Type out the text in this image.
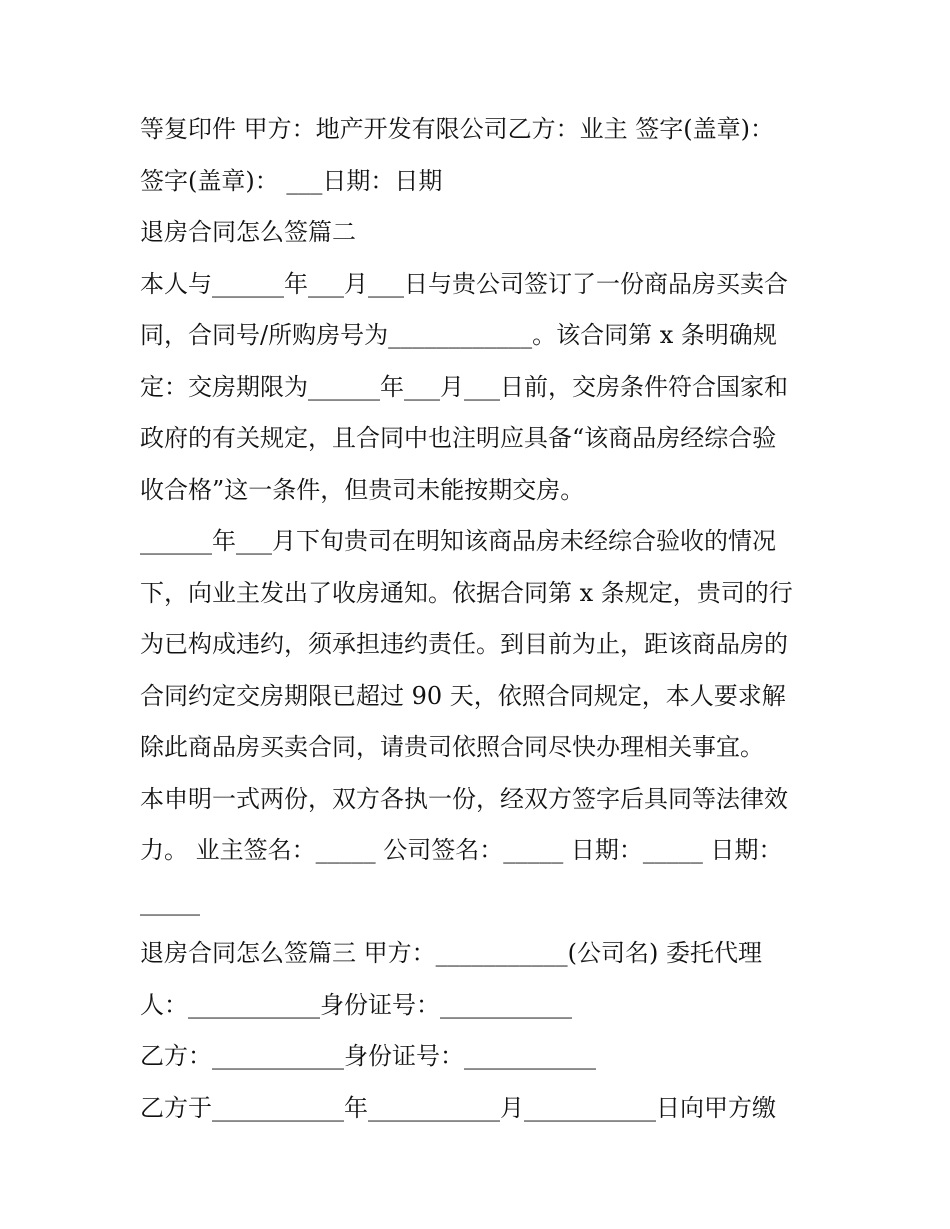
等复印件 甲方：地产开发有限公司乙方：业主 签字(盖章)：
签字(盖章)： ___日期：日期
退房合同怎么签篇二
本人与______年___月___日与贵公司签订了一份商品房买卖合
同，合同号/所购房号为____________。该合同第 x 条明确规
定：交房期限为______年___月___日前，交房条件符合国家和
政府的有关规定，且合同中也注明应具备“该商品房经综合验
收合格”这一条件，但贵司未能按期交房。
______年___月下旬贵司在明知该商品房未经综合验收的情况
下，向业主发出了收房通知。依据合同第 x 条规定，贵司的行
为已构成违约，须承担违约责任。到目前为止，距该商品房的
合同约定交房期限已超过 90 天，依照合同规定，本人要求解
除此商品房买卖合同，请贵司依照合同尽快办理相关事宜。
本申明一式两份，双方各执一份，经双方签字后具同等法律效
力。 业主签名：_____ 公司签名：_____ 日期：_____ 日期：
_____
退房合同怎么签篇三 甲方：___________(公司名) 委托代理
人：___________身份证号：___________
乙方：___________身份证号：___________
乙方于___________年___________月___________日向甲方缴
